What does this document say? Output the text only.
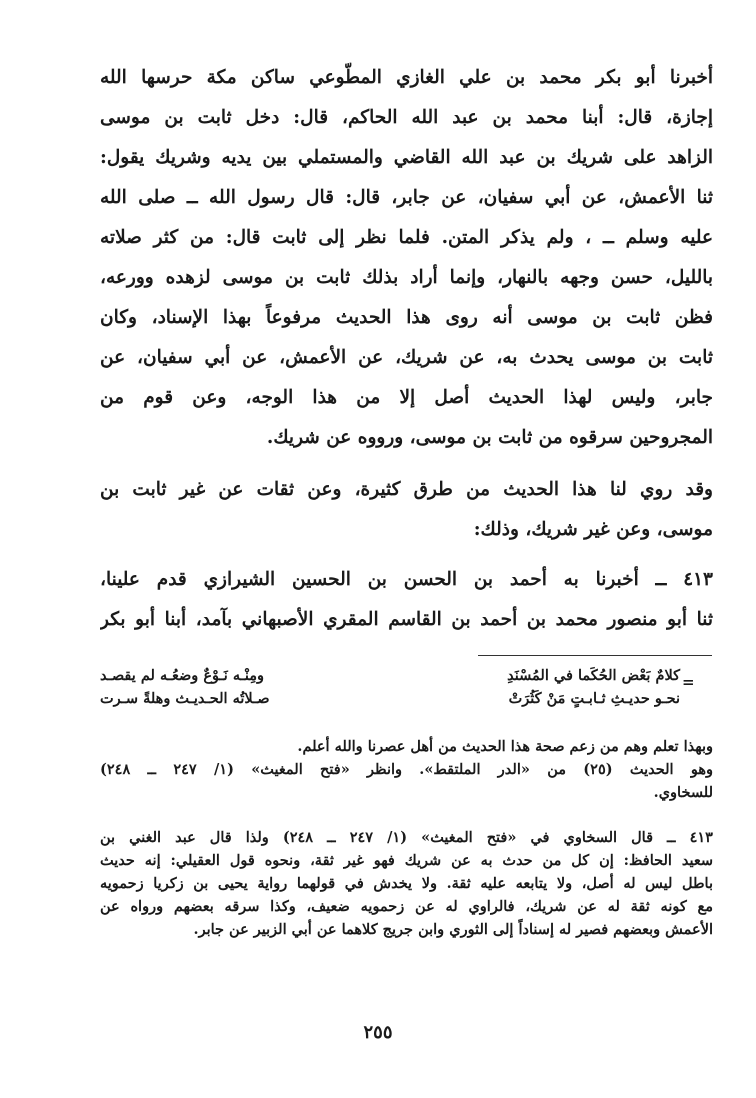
أخبرنا أبو بكر محمد بن علي الغازي المطّوعي ساكن مكة حرسها الله
إجازة، قال: أبنا محمد بن عبد الله الحاكم، قال: دخل ثابت بن موسى
الزاهد على شريك بن عبد الله القاضي والمستملي بين يديه وشريك يقول:
ثنا الأعمش، عن أبي سفيان، عن جابر، قال: قال رسول الله ــ صلى الله
عليه وسلم ــ ، ولم يذكر المتن. فلما نظر إلى ثابت قال: من كثر صلاته
بالليل، حسن وجهه بالنهار، وإنما أراد بذلك ثابت بن موسى لزهده وورعه،
فظن ثابت بن موسى أنه روى هذا الحديث مرفوعاً بهذا الإسناد، وكان
ثابت بن موسى يحدث به، عن شريك، عن الأعمش، عن أبي سفيان، عن
جابر، وليس لهذا الحديث أصل إلا من هذا الوجه، وعن قوم من
المجروحين سرقوه من ثابت بن موسى، ورووه عن شريك.
وقد روي لنا هذا الحديث من طرق كثيرة، وعن ثقات عن غير ثابت بن
موسى، وعن غير شريك، وذلك:
٤١٣ ــ أخبرنا به أحمد بن الحسن بن الحسين الشيرازي قدم علينا،
ثنا أبو منصور محمد بن أحمد بن القاسم المقري الأصبهاني بآمد، أبنا أبو بكر
=
كلامٌ بَعْض الحُكَما في المُسْنَدِ
ومِنْـه نَـوْعٌ وضعُـه لم يقصـد
نحـو حديـثِ ثـابـتٍ مَنْ كَثُرَتْ
صـلاتُه الحـديـث وهلةً سـرت
وبهذا تعلم وهم من زعم صحة هذا الحديث من أهل عصرنا والله أعلم.
وهو الحديث (٢٥) من «الدر الملتقط». وانظر «فتح المغيث» (١/ ٢٤٧ ــ ٢٤٨)
للسخاوي.
٤١٣ ــ قال السخاوي في «فتح المغيث» (١/ ٢٤٧ ــ ٢٤٨) ولذا قال عبد الغني بن
سعيد الحافظ: إن كل من حدث به عن شريك فهو غير ثقة، ونحوه قول العقيلي: إنه حديث
باطل ليس له أصل، ولا يتابعه عليه ثقة. ولا يخدش في قولهما رواية يحيى بن زكريا زحمويه
مع كونه ثقة له عن شريك، فالراوي له عن زحمويه ضعيف، وكذا سرقه بعضهم ورواه عن
الأعمش وبعضهم فصير له إسناداً إلى الثوري وابن جريج كلاهما عن أبي الزبير عن جابر.
٢٥٥
